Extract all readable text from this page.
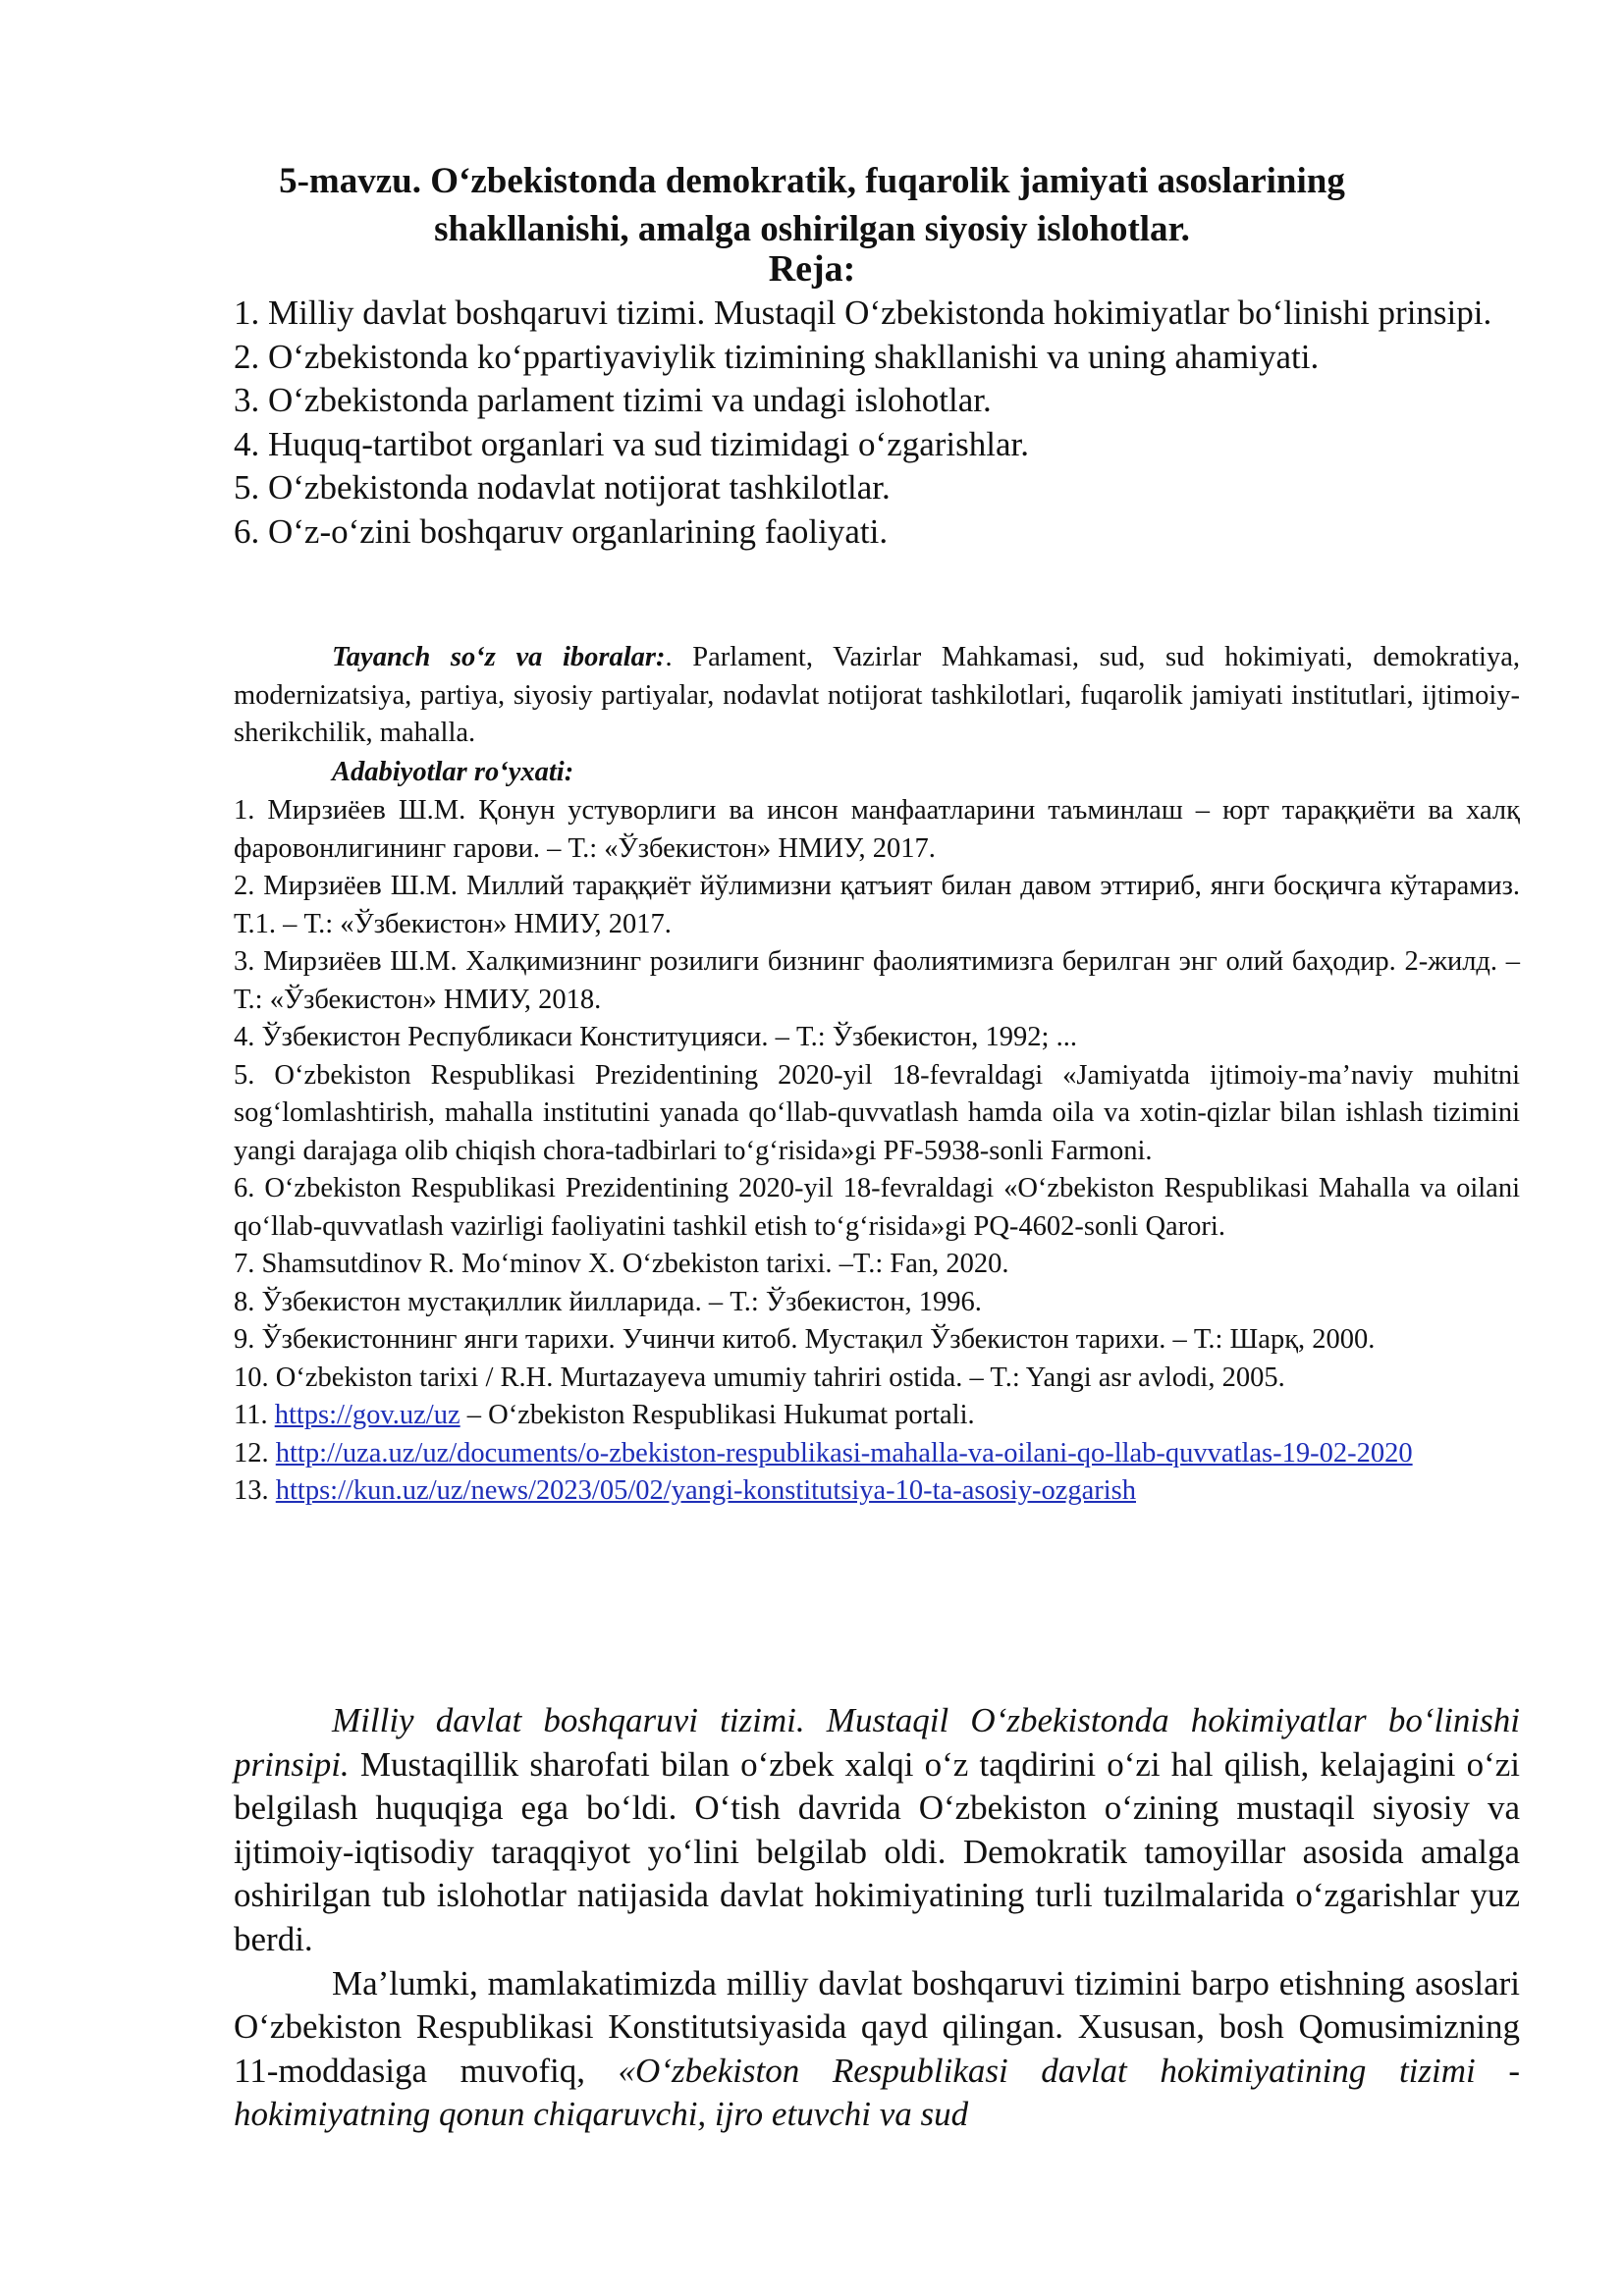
5-mavzu. O‘zbekistonda demokratik, fuqarolik jamiyati asoslarining shakllanishi, amalga oshirilgan siyosiy islohotlar.
Reja:
1. Milliy davlat boshqaruvi tizimi. Mustaqil O‘zbekistonda hokimiyatlar bo‘linishi prinsipi.
2. O‘zbekistonda ko‘ppartiyaviylik tizimining shakllanishi va uning ahamiyati.
3. O‘zbekistonda parlament tizimi va undagi islohotlar.
4. Huquq-tartibot organlari va sud tizimidagi o‘zgarishlar.
5. O‘zbekistonda nodavlat notijorat tashkilotlar.
6. O‘z-o‘zini boshqaruv organlarining faoliyati.
Tayanch so‘z va iboralar:. Parlament, Vazirlar Mahkamasi, sud, sud hokimiyati, demokratiya, modernizatsiya, partiya, siyosiy partiyalar, nodavlat notijorat tashkilotlari, fuqarolik jamiyati institutlari, ijtimoiy-sherikchilik, mahalla.
Adabiyotlar ro‘yxati:
1. Мирзиёев Ш.М. Қонун устуворлиги ва инсон манфаатларини таъминлаш – юрт тараққиёти ва халқ фаровонлигининг гарови. – Т.: «Ўзбекистон» НМИУ, 2017.
2. Мирзиёев Ш.М. Миллий тараққиёт йўлимизни қатъият билан давом эттириб, янги босқичга кўтарамиз. Т.1. – Т.: «Ўзбекистон» НМИУ, 2017.
3. Мирзиёев Ш.М. Халқимизнинг розилиги бизнинг фаолиятимизга берилган энг олий баҳодир. 2-жилд. – Т.: «Ўзбекистон» НМИУ, 2018.
4. Ўзбекистон Республикаси Конституцияси. – Т.: Ўзбекистон, 1992; ...
5. O‘zbekiston Respublikasi Prezidentining 2020-yil 18-fevraldagi «Jamiyatda ijtimoiy-ma’naviy muhitni sog‘lomlashtirish, mahalla institutini yanada qo‘llab-quvvatlash hamda oila va xotin-qizlar bilan ishlash tizimini yangi darajaga olib chiqish chora-tadbirlari to‘g‘risida»gi PF-5938-sonli Farmoni.
6. O‘zbekiston Respublikasi Prezidentining 2020-yil 18-fevraldagi «O‘zbekiston Respublikasi Mahalla va oilani qo‘llab-quvvatlash vazirligi faoliyatini tashkil etish to‘g‘risida»gi PQ-4602-sonli Qarori.
7. Shamsutdinov R. Mo‘minov X. O‘zbekiston tarixi. –T.: Fan, 2020.
8. Ўзбекистон мустақиллик йилларида. – Т.: Ўзбекистон, 1996.
9. Ўзбекистоннинг янги тарихи. Учинчи китоб. Мустақил Ўзбекистон тарихи. – Т.: Шарқ, 2000.
10. O‘zbekiston tarixi / R.H. Murtazayeva umumiy tahriri ostida. – T.: Yangi asr avlodi, 2005.
11. https://gov.uz/uz – O‘zbekiston Respublikasi Hukumat portali.
12. http://uza.uz/uz/documents/o-zbekiston-respublikasi-mahalla-va-oilani-qo-llab-quvvatlas-19-02-2020
13. https://kun.uz/uz/news/2023/05/02/yangi-konstitutsiya-10-ta-asosiy-ozgarish

Milliy davlat boshqaruvi tizimi. Mustaqil O‘zbekistonda hokimiyatlar bo‘linishi prinsipi. Mustaqillik sharofati bilan o‘zbek xalqi o‘z taqdirini o‘zi hal qilish, kelajagini o‘zi belgilash huquqiga ega bo‘ldi. O‘tish davrida O‘zbekiston o‘zining mustaqil siyosiy va ijtimoiy-iqtisodiy taraqqiyot yo‘lini belgilab oldi. Demokratik tamoyillar asosida amalga oshirilgan tub islohotlar natijasida davlat hokimiyatining turli tuzilmalarida o‘zgarishlar yuz berdi.

Ma’lumki, mamlakatimizda milliy davlat boshqaruvi tizimini barpo etishning asoslari O‘zbekiston Respublikasi Konstitutsiyasida qayd qilingan. Xususan, bosh Qomusimizning 11-moddasiga muvofiq, «O‘zbekiston Respublikasi davlat hokimiyatining tizimi - hokimiyatning qonun chiqaruvchi, ijro etuvchi va sud
